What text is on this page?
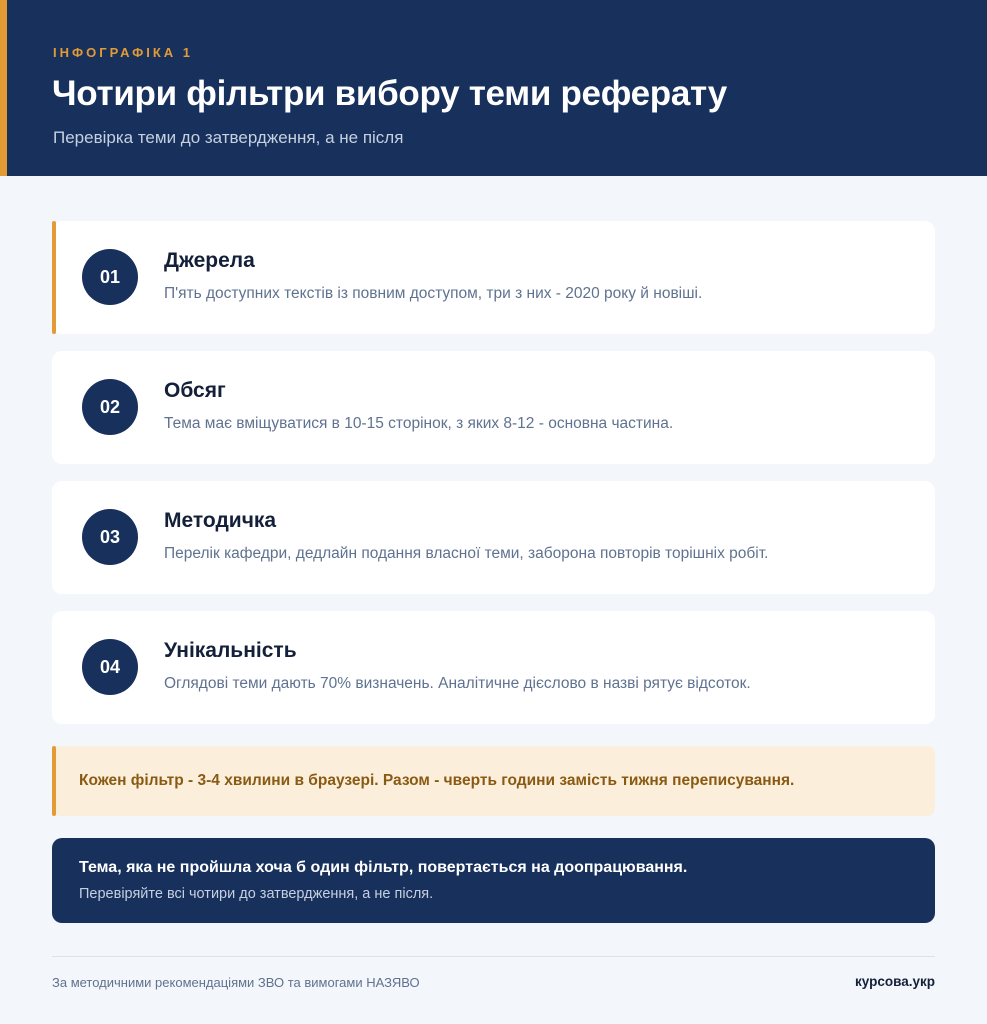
ІНФОГРАФІКА 1
Чотири фільтри вибору теми реферату
Перевірка теми до затвердження, а не після
01
Джерела
П'ять доступних текстів із повним доступом, три з них - 2020 року й новіші.
02
Обсяг
Тема має вміщуватися в 10-15 сторінок, з яких 8-12 - основна частина.
03
Методичка
Перелік кафедри, дедлайн подання власної теми, заборона повторів торішніх робіт.
04
Унікальність
Оглядові теми дають 70% визначень. Аналітичне дієслово в назві рятує відсоток.
Кожен фільтр - 3-4 хвилини в браузері. Разом - чверть години замість тижня переписування.
Тема, яка не пройшла хоча б один фільтр, повертається на доопрацювання.
Перевіряйте всі чотири до затвердження, а не після.
За методичними рекомендаціями ЗВО та вимогами НАЗЯВО	курсова.укр
